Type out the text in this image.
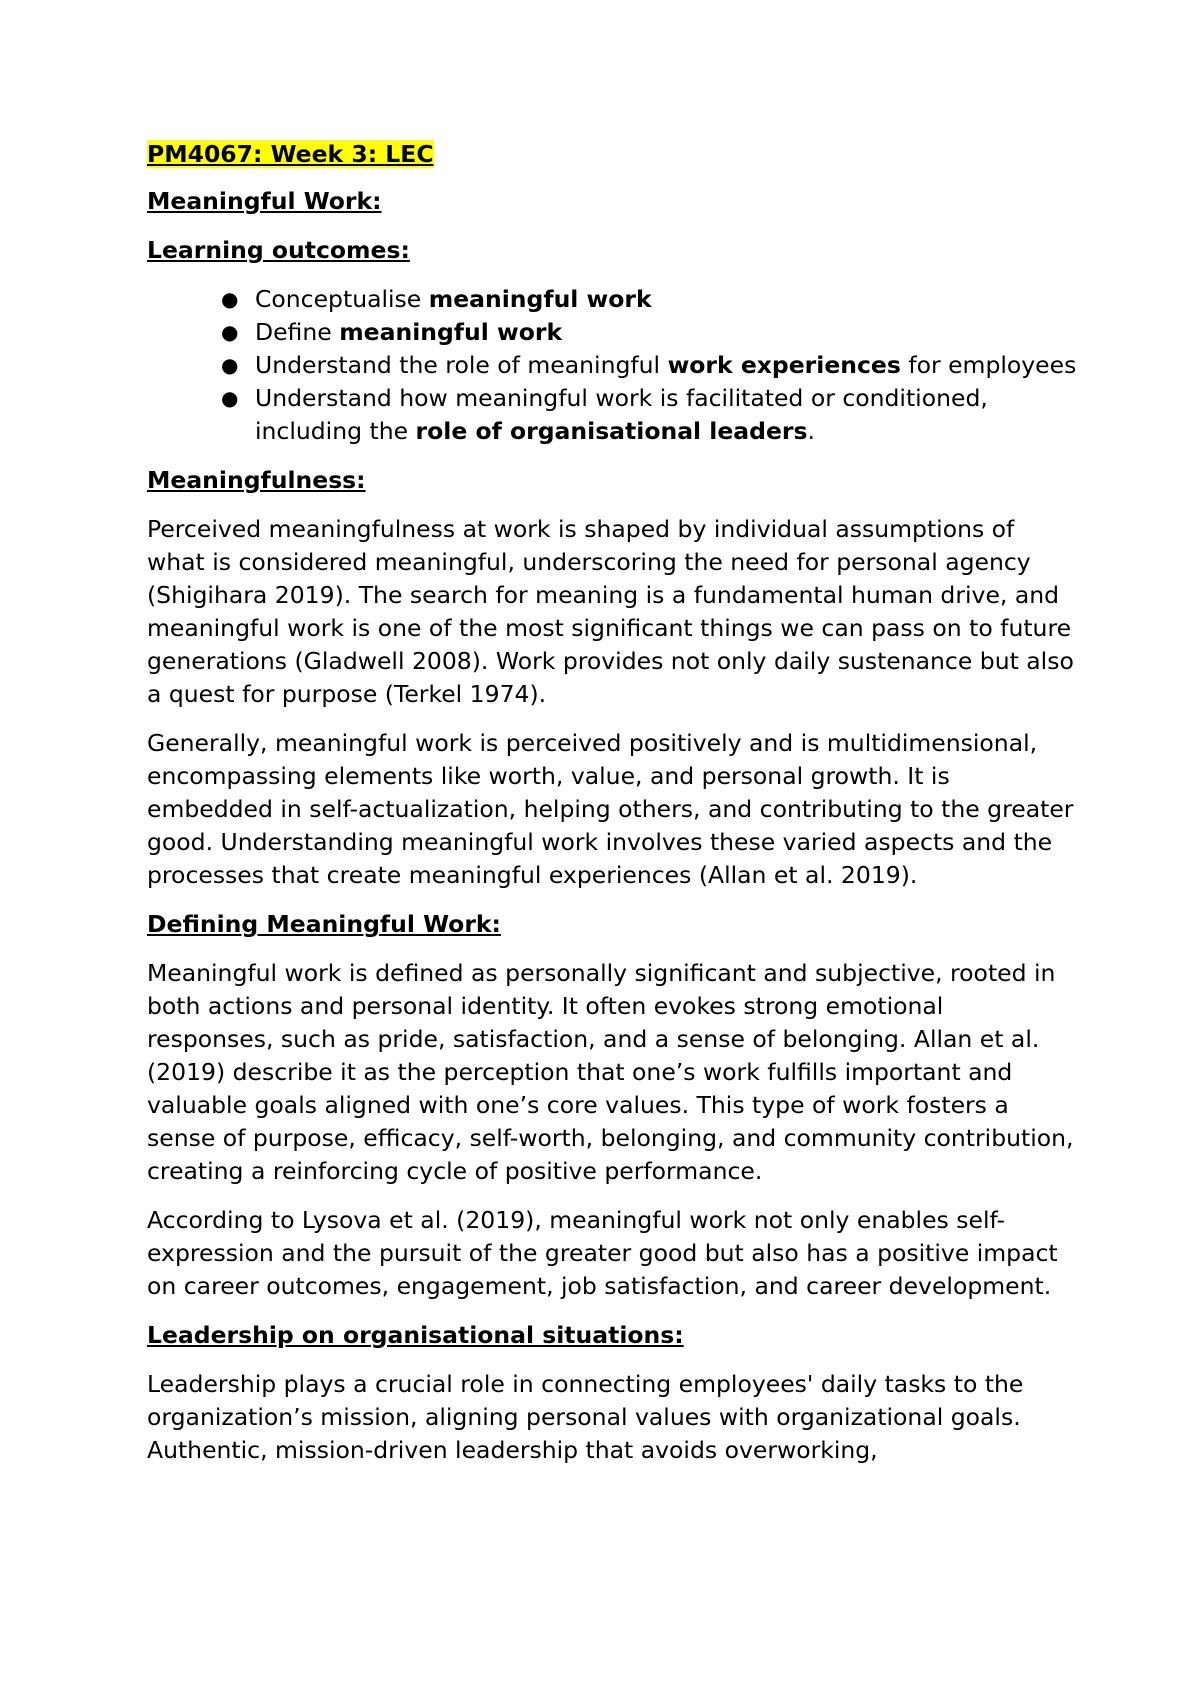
PM4067: Week 3: LEC

Meaningful Work:

Learning outcomes:

● Conceptualise meaningful work
● Define meaningful work
● Understand the role of meaningful work experiences for employees
● Understand how meaningful work is facilitated or conditioned, including the role of organisational leaders.

Meaningfulness:

Perceived meaningfulness at work is shaped by individual assumptions of what is considered meaningful, underscoring the need for personal agency (Shigihara 2019). The search for meaning is a fundamental human drive, and meaningful work is one of the most significant things we can pass on to future generations (Gladwell 2008). Work provides not only daily sustenance but also a quest for purpose (Terkel 1974).

Generally, meaningful work is perceived positively and is multidimensional, encompassing elements like worth, value, and personal growth. It is embedded in self-actualization, helping others, and contributing to the greater good. Understanding meaningful work involves these varied aspects and the processes that create meaningful experiences (Allan et al. 2019).

Defining Meaningful Work:

Meaningful work is defined as personally significant and subjective, rooted in both actions and personal identity. It often evokes strong emotional responses, such as pride, satisfaction, and a sense of belonging. Allan et al. (2019) describe it as the perception that one’s work fulfills important and valuable goals aligned with one’s core values. This type of work fosters a sense of purpose, efficacy, self-worth, belonging, and community contribution, creating a reinforcing cycle of positive performance.

According to Lysova et al. (2019), meaningful work not only enables self-expression and the pursuit of the greater good but also has a positive impact on career outcomes, engagement, job satisfaction, and career development.

Leadership on organisational situations:

Leadership plays a crucial role in connecting employees' daily tasks to the organization’s mission, aligning personal values with organizational goals. Authentic, mission-driven leadership that avoids overworking,
